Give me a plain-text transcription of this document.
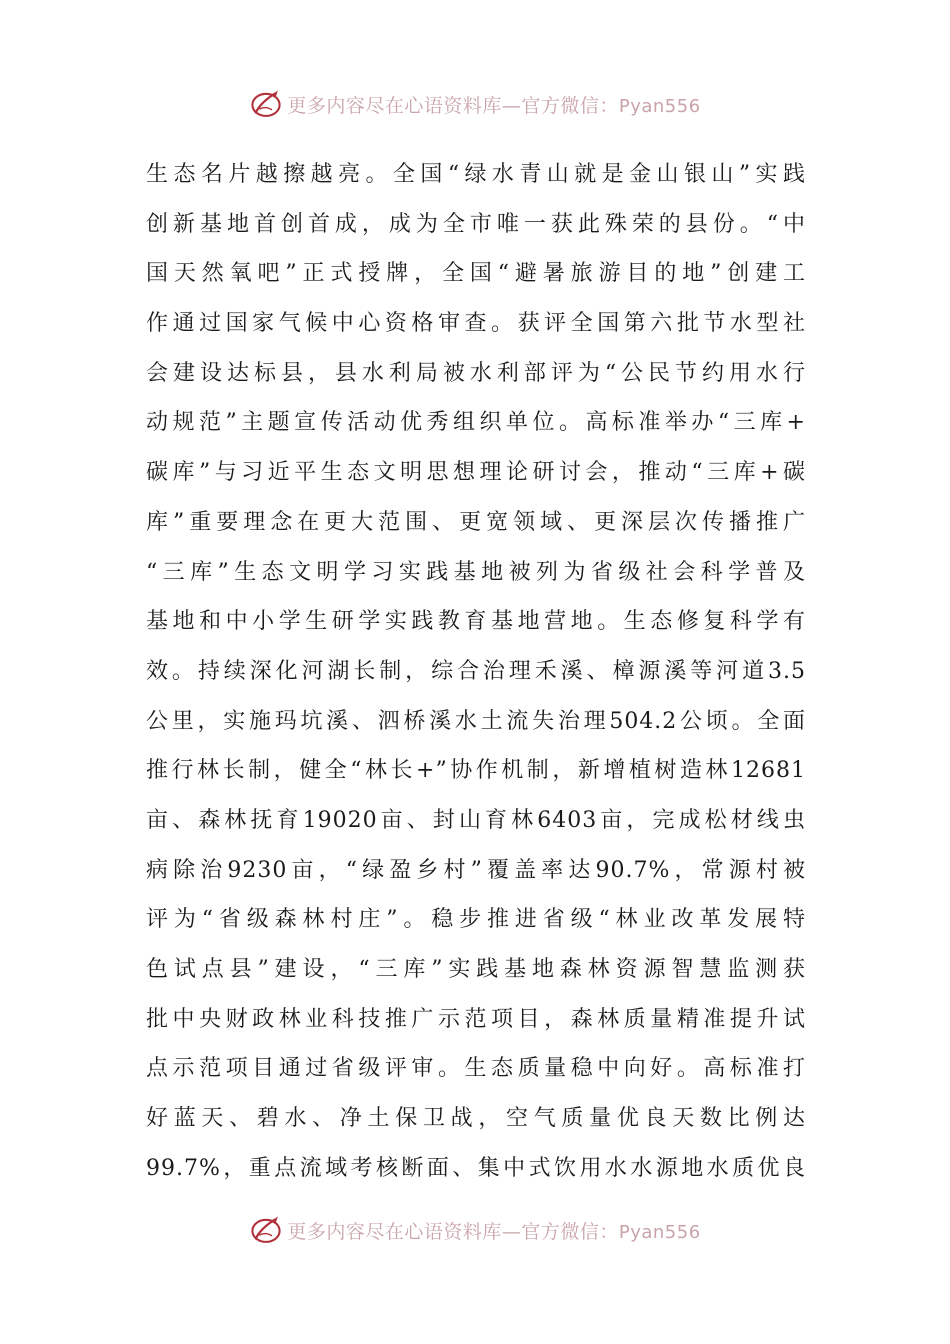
更多内容尽在心语资料库—官方微信：Pyan556
生态名片越擦越亮。全国“绿水青山就是金山银山”实践
创新基地首创首成，成为全市唯一获此殊荣的县份。“中
国天然氧吧”正式授牌，全国“避暑旅游目的地”创建工
作通过国家气候中心资格审查。获评全国第六批节水型社
会建设达标县，县水利局被水利部评为“公民节约用水行
动规范”主题宣传活动优秀组织单位。高标准举办“三库+
碳库”与习近平生态文明思想理论研讨会，推动“三库+碳
库”重要理念在更大范围、更宽领域、更深层次传播推广
“三库”生态文明学习实践基地被列为省级社会科学普及
基地和中小学生研学实践教育基地营地。生态修复科学有
效。持续深化河湖长制，综合治理禾溪、樟源溪等河道3.5
公里，实施玛坑溪、泗桥溪水土流失治理504.2公顷。全面
推行林长制，健全“林长+”协作机制，新增植树造林12681
亩、森林抚育19020亩、封山育林6403亩，完成松材线虫
病除治9230亩，“绿盈乡村”覆盖率达90.7%，常源村被
评为“省级森林村庄”。稳步推进省级“林业改革发展特
色试点县”建设，“三库”实践基地森林资源智慧监测获
批中央财政林业科技推广示范项目，森林质量精准提升试
点示范项目通过省级评审。生态质量稳中向好。高标准打
好蓝天、碧水、净土保卫战，空气质量优良天数比例达
99.7%，重点流域考核断面、集中式饮用水水源地水质优良
更多内容尽在心语资料库—官方微信：Pyan556
